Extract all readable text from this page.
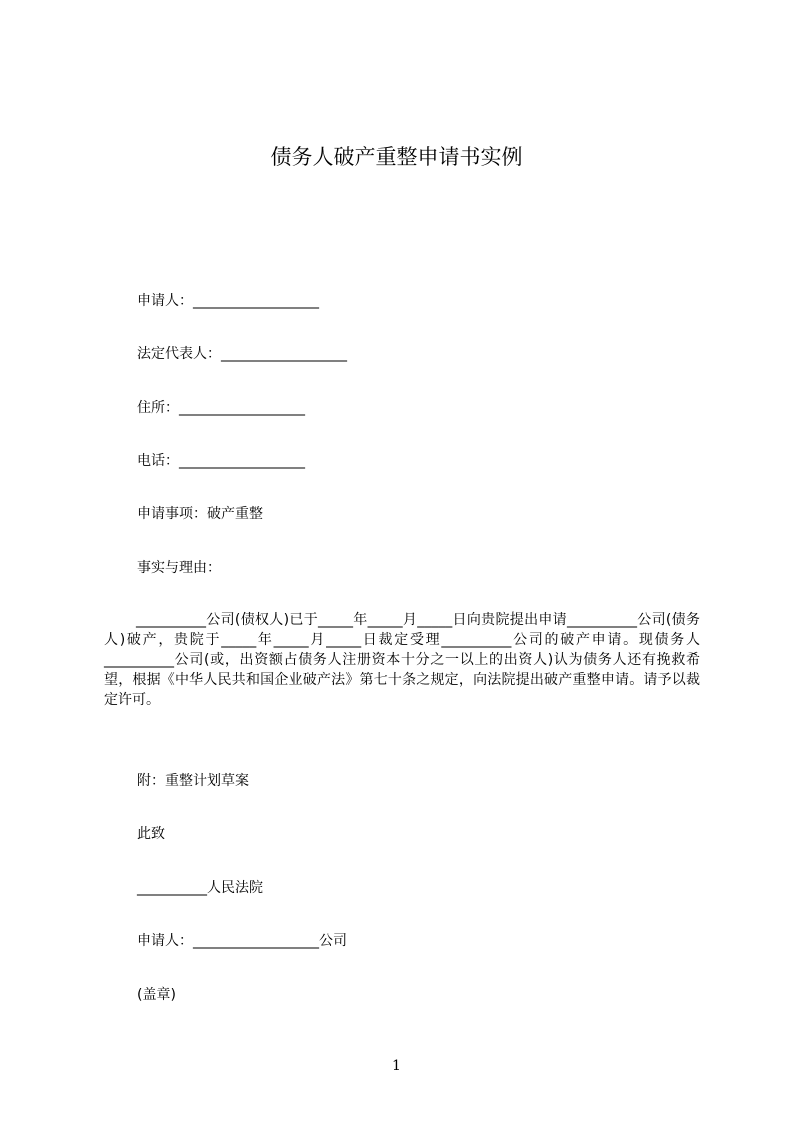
债务人破产重整申请书实例
申请人：__________________
法定代表人：__________________
住所：__________________
电话：__________________
申请事项：破产重整
事实与理由：
__________公司(债权人)已于_____年_____月_____日向贵院提出申请__________公司(债务人)破产，贵院于_____年_____月_____日裁定受理__________公司的破产申请。现债务人__________公司(或，出资额占债务人注册资本十分之一以上的出资人)认为债务人还有挽救希望，根据《中华人民共和国企业破产法》第七十条之规定，向法院提出破产重整申请。请予以裁定许可。
附：重整计划草案
此致
__________人民法院
申请人：__________________公司
(盖章)
1
